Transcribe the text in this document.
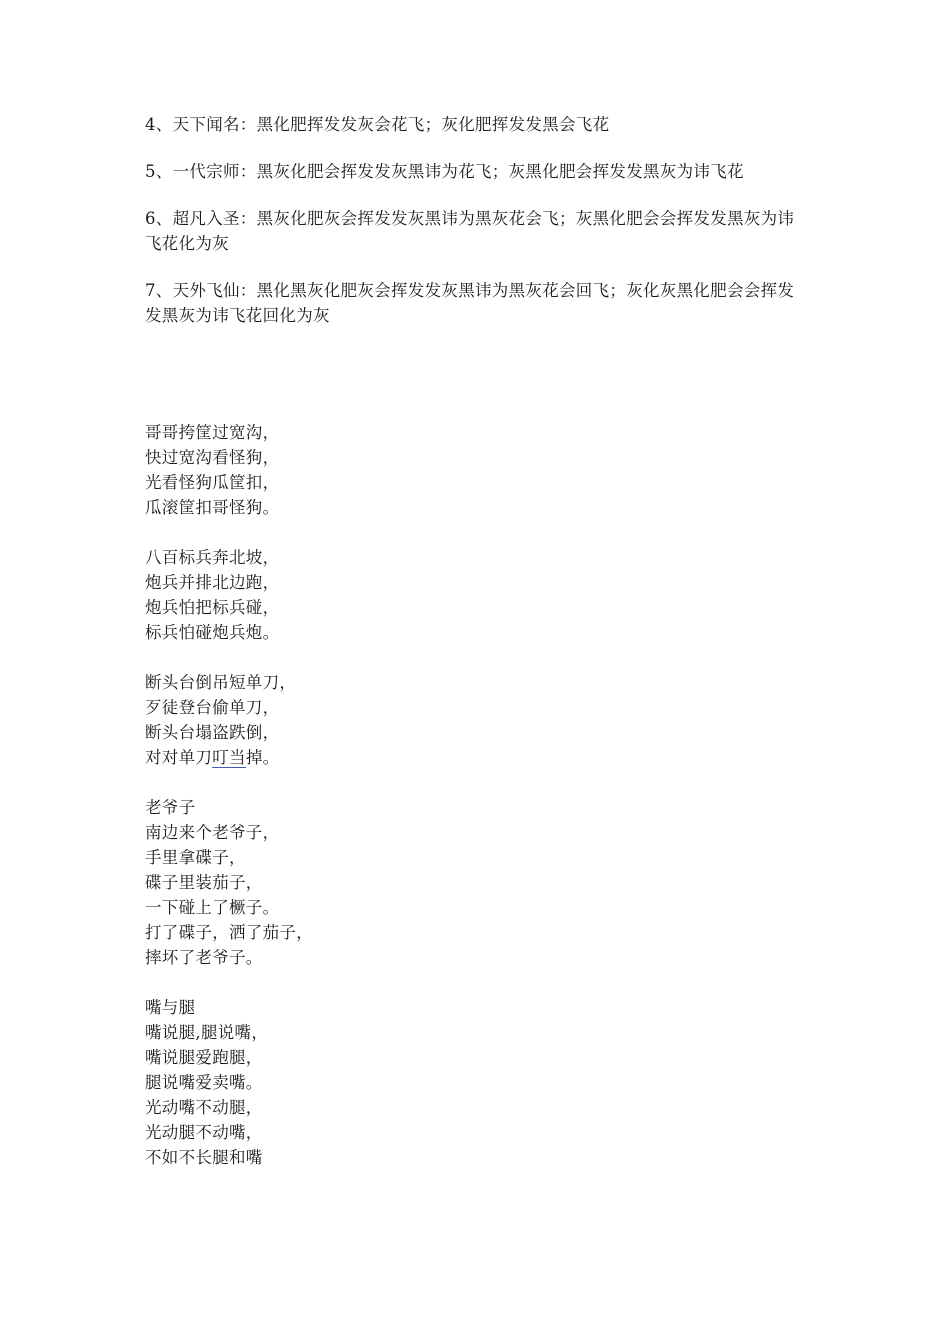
4、天下闻名：黑化肥挥发发灰会花飞；灰化肥挥发发黑会飞花

5、一代宗师：黑灰化肥会挥发发灰黑讳为花飞；灰黑化肥会挥发发黑灰为讳飞花

6、超凡入圣：黑灰化肥灰会挥发发灰黑讳为黑灰花会飞；灰黑化肥会会挥发发黑灰为讳飞花化为灰

7、天外飞仙：黑化黑灰化肥灰会挥发发灰黑讳为黑灰花会回飞；灰化灰黑化肥会会挥发发黑灰为讳飞花回化为灰

哥哥挎筐过宽沟，
快过宽沟看怪狗，
光看怪狗瓜筐扣，
瓜滚筐扣哥怪狗。
八百标兵奔北坡，
炮兵并排北边跑，
炮兵怕把标兵碰，
标兵怕碰炮兵炮。
断头台倒吊短单刀，
歹徒登台偷单刀，
断头台塌盗跌倒，
对对单刀叮当掉。
老爷子
南边来个老爷子，
手里拿碟子，
碟子里装茄子，
一下碰上了橛子。
打了碟子，洒了茄子，
摔坏了老爷子。
嘴与腿
嘴说腿,腿说嘴，
嘴说腿爱跑腿，
腿说嘴爱卖嘴。
光动嘴不动腿，
光动腿不动嘴，
不如不长腿和嘴
